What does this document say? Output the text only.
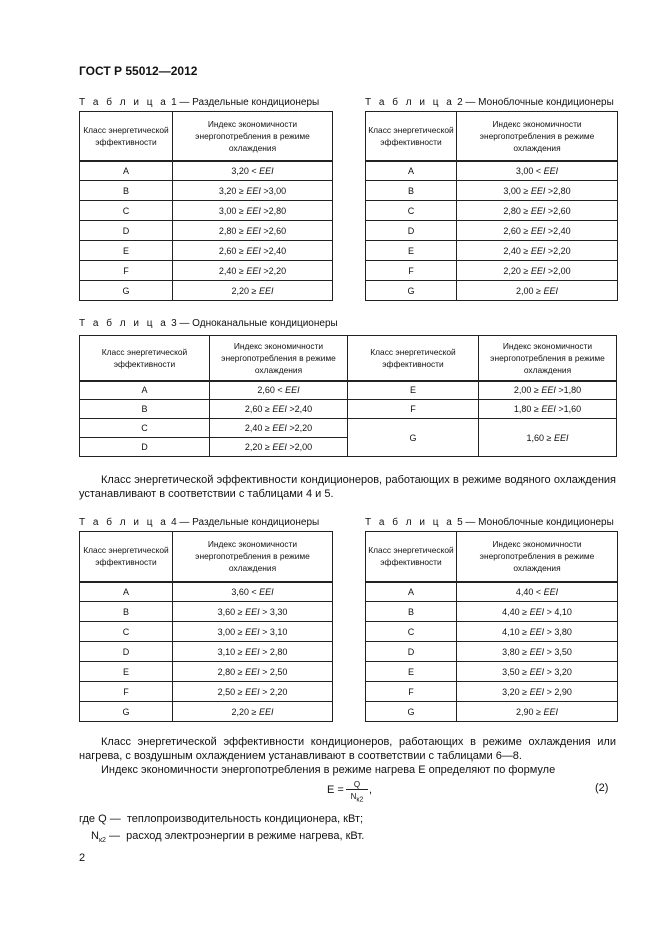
ГОСТ Р 55012—2012
Т а б л и ц а 1 — Раздельные кондиционеры
Класс энергетической эффективности	Индекс экономичности энергопотребления в режиме охлаждения
A	3,20 < EEI
B	3,20 ≥ EEI >3,00
C	3,00 ≥ EEI >2,80
D	2,80 ≥ EEI >2,60
E	2,60 ≥ EEI >2,40
F	2,40 ≥ EEI >2,20
G	2,20 ≥ EEI
Т а б л и ц а 2 — Моноблочные кондиционеры
Класс энергетической эффективности	Индекс экономичности энергопотребления в режиме охлаждения
A	3,00 < EEI
B	3,00 ≥ EEI >2,80
C	2,80 ≥ EEI >2,60
D	2,60 ≥ EEI >2,40
E	2,40 ≥ EEI >2,20
F	2,20 ≥ EEI >2,00
G	2,00 ≥ EEI
Т а б л и ц а 3 — Одноканальные кондиционеры
Класс энергетической эффективности	Индекс экономичности энергопотребления в режиме охлаждения	Класс энергетической эффективности	Индекс экономичности энергопотребления в режиме охлаждения
A	2,60 < EEI	E	2,00 ≥ EEI >1,80
B	2,60 ≥ EEI >2,40	F	1,80 ≥ EEI >1,60
C	2,40 ≥ EEI >2,20	G	1,60 ≥ EEI
D	2,20 ≥ EEI >2,00		
Класс энергетической эффективности кондиционеров, работающих в режиме водяного охлаждения устанавливают в соответствии с таблицами 4 и 5.
Т а б л и ц а 4 — Раздельные кондиционеры
Класс энергетической эффективности	Индекс экономичности энергопотребления в режиме охлаждения
A	3,60 < EEI
B	3,60 ≥ EEI > 3,30
C	3,00 ≥ EEI > 3,10
D	3,10 ≥ EEI > 2,80
E	2,80 ≥ EEI > 2,50
F	2,50 ≥ EEI > 2,20
G	2,20 ≥ EEI
Т а б л и ц а 5 — Моноблочные кондиционеры
Класс энергетической эффективности	Индекс экономичности энергопотребления в режиме охлаждения
A	4,40 < EEI
B	4,40 ≥ EEI > 4,10
C	4,10 ≥ EEI > 3,80
D	3,80 ≥ EEI > 3,50
E	3,50 ≥ EEI > 3,20
F	3,20 ≥ EEI > 2,90
G	2,90 ≥ EEI
Класс энергетической эффективности кондиционеров, работающих в режиме охлаждения или нагрева, с воздушным охлаждением устанавливают в соответствии с таблицами 6—8.
Индекс экономичности энергопотребления в режиме нагрева E определяют по формуле
E =	Q
$N_{к2}$
,	(2)
где Q — теплопроизводительность кондиционера, кВт;
$N_{к2}$ — расход электроэнергии в режиме нагрева, кВт.
2
